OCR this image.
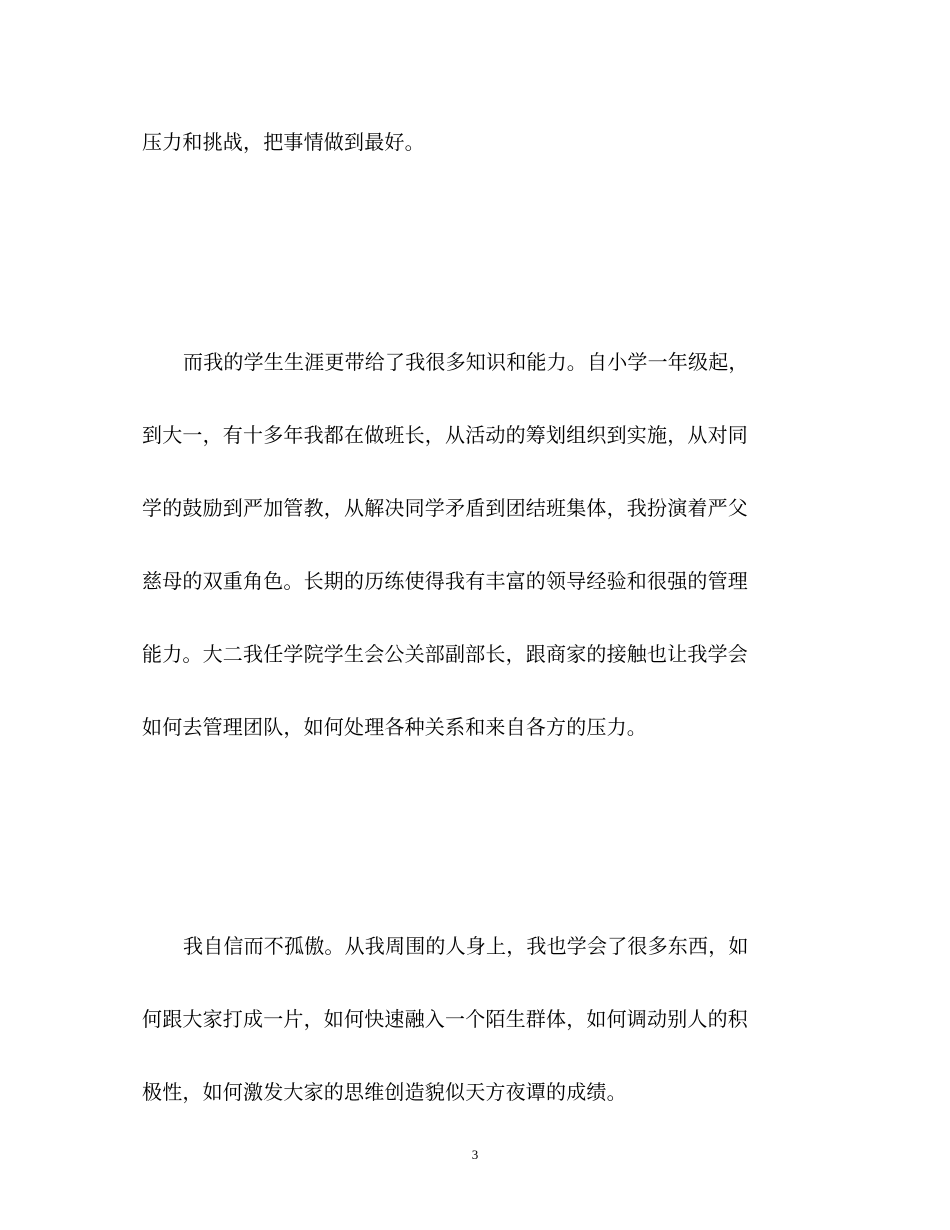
压力和挑战，把事情做到最好。
而我的学生生涯更带给了我很多知识和能力。自小学一年级起，
到大一，有十多年我都在做班长，从活动的筹划组织到实施，从对同
学的鼓励到严加管教，从解决同学矛盾到团结班集体，我扮演着严父
慈母的双重角色。长期的历练使得我有丰富的领导经验和很强的管理
能力。大二我任学院学生会公关部副部长，跟商家的接触也让我学会
如何去管理团队，如何处理各种关系和来自各方的压力。
我自信而不孤傲。从我周围的人身上，我也学会了很多东西，如
何跟大家打成一片，如何快速融入一个陌生群体，如何调动别人的积
极性，如何激发大家的思维创造貌似天方夜谭的成绩。
3
